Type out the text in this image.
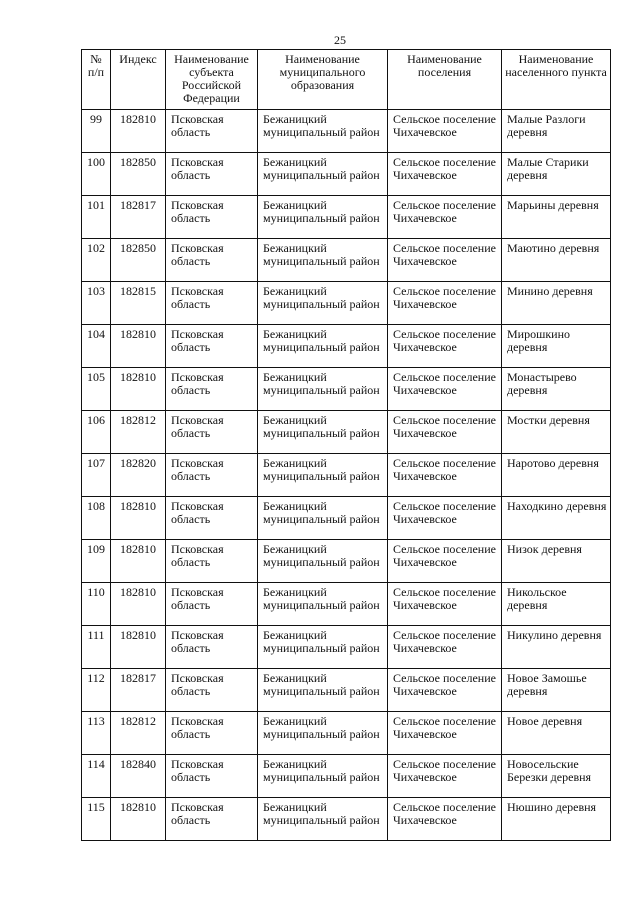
25
№ п/п	Индекс	Наименование субъекта Российской Федерации	Наименование муниципального образования	Наименование поселения	Наименование населенного пункта
99	182810	Псковская область	Бежаницкий муниципальный район	Сельское поселение Чихачевское	Малые Разлоги деревня
100	182850	Псковская область	Бежаницкий муниципальный район	Сельское поселение Чихачевское	Малые Старики деревня
101	182817	Псковская область	Бежаницкий муниципальный район	Сельское поселение Чихачевское	Марьины деревня
102	182850	Псковская область	Бежаницкий муниципальный район	Сельское поселение Чихачевское	Маютино деревня
103	182815	Псковская область	Бежаницкий муниципальный район	Сельское поселение Чихачевское	Минино деревня
104	182810	Псковская область	Бежаницкий муниципальный район	Сельское поселение Чихачевское	Мирошкино деревня
105	182810	Псковская область	Бежаницкий муниципальный район	Сельское поселение Чихачевское	Монастырево деревня
106	182812	Псковская область	Бежаницкий муниципальный район	Сельское поселение Чихачевское	Мостки деревня
107	182820	Псковская область	Бежаницкий муниципальный район	Сельское поселение Чихачевское	Наротово деревня
108	182810	Псковская область	Бежаницкий муниципальный район	Сельское поселение Чихачевское	Находкино деревня
109	182810	Псковская область	Бежаницкий муниципальный район	Сельское поселение Чихачевское	Низок деревня
110	182810	Псковская область	Бежаницкий муниципальный район	Сельское поселение Чихачевское	Никольское деревня
111	182810	Псковская область	Бежаницкий муниципальный район	Сельское поселение Чихачевское	Никулино деревня
112	182817	Псковская область	Бежаницкий муниципальный район	Сельское поселение Чихачевское	Новое Замошье деревня
113	182812	Псковская область	Бежаницкий муниципальный район	Сельское поселение Чихачевское	Новое деревня
114	182840	Псковская область	Бежаницкий муниципальный район	Сельское поселение Чихачевское	Новосельские Березки деревня
115	182810	Псковская область	Бежаницкий муниципальный район	Сельское поселение Чихачевское	Нюшино деревня
